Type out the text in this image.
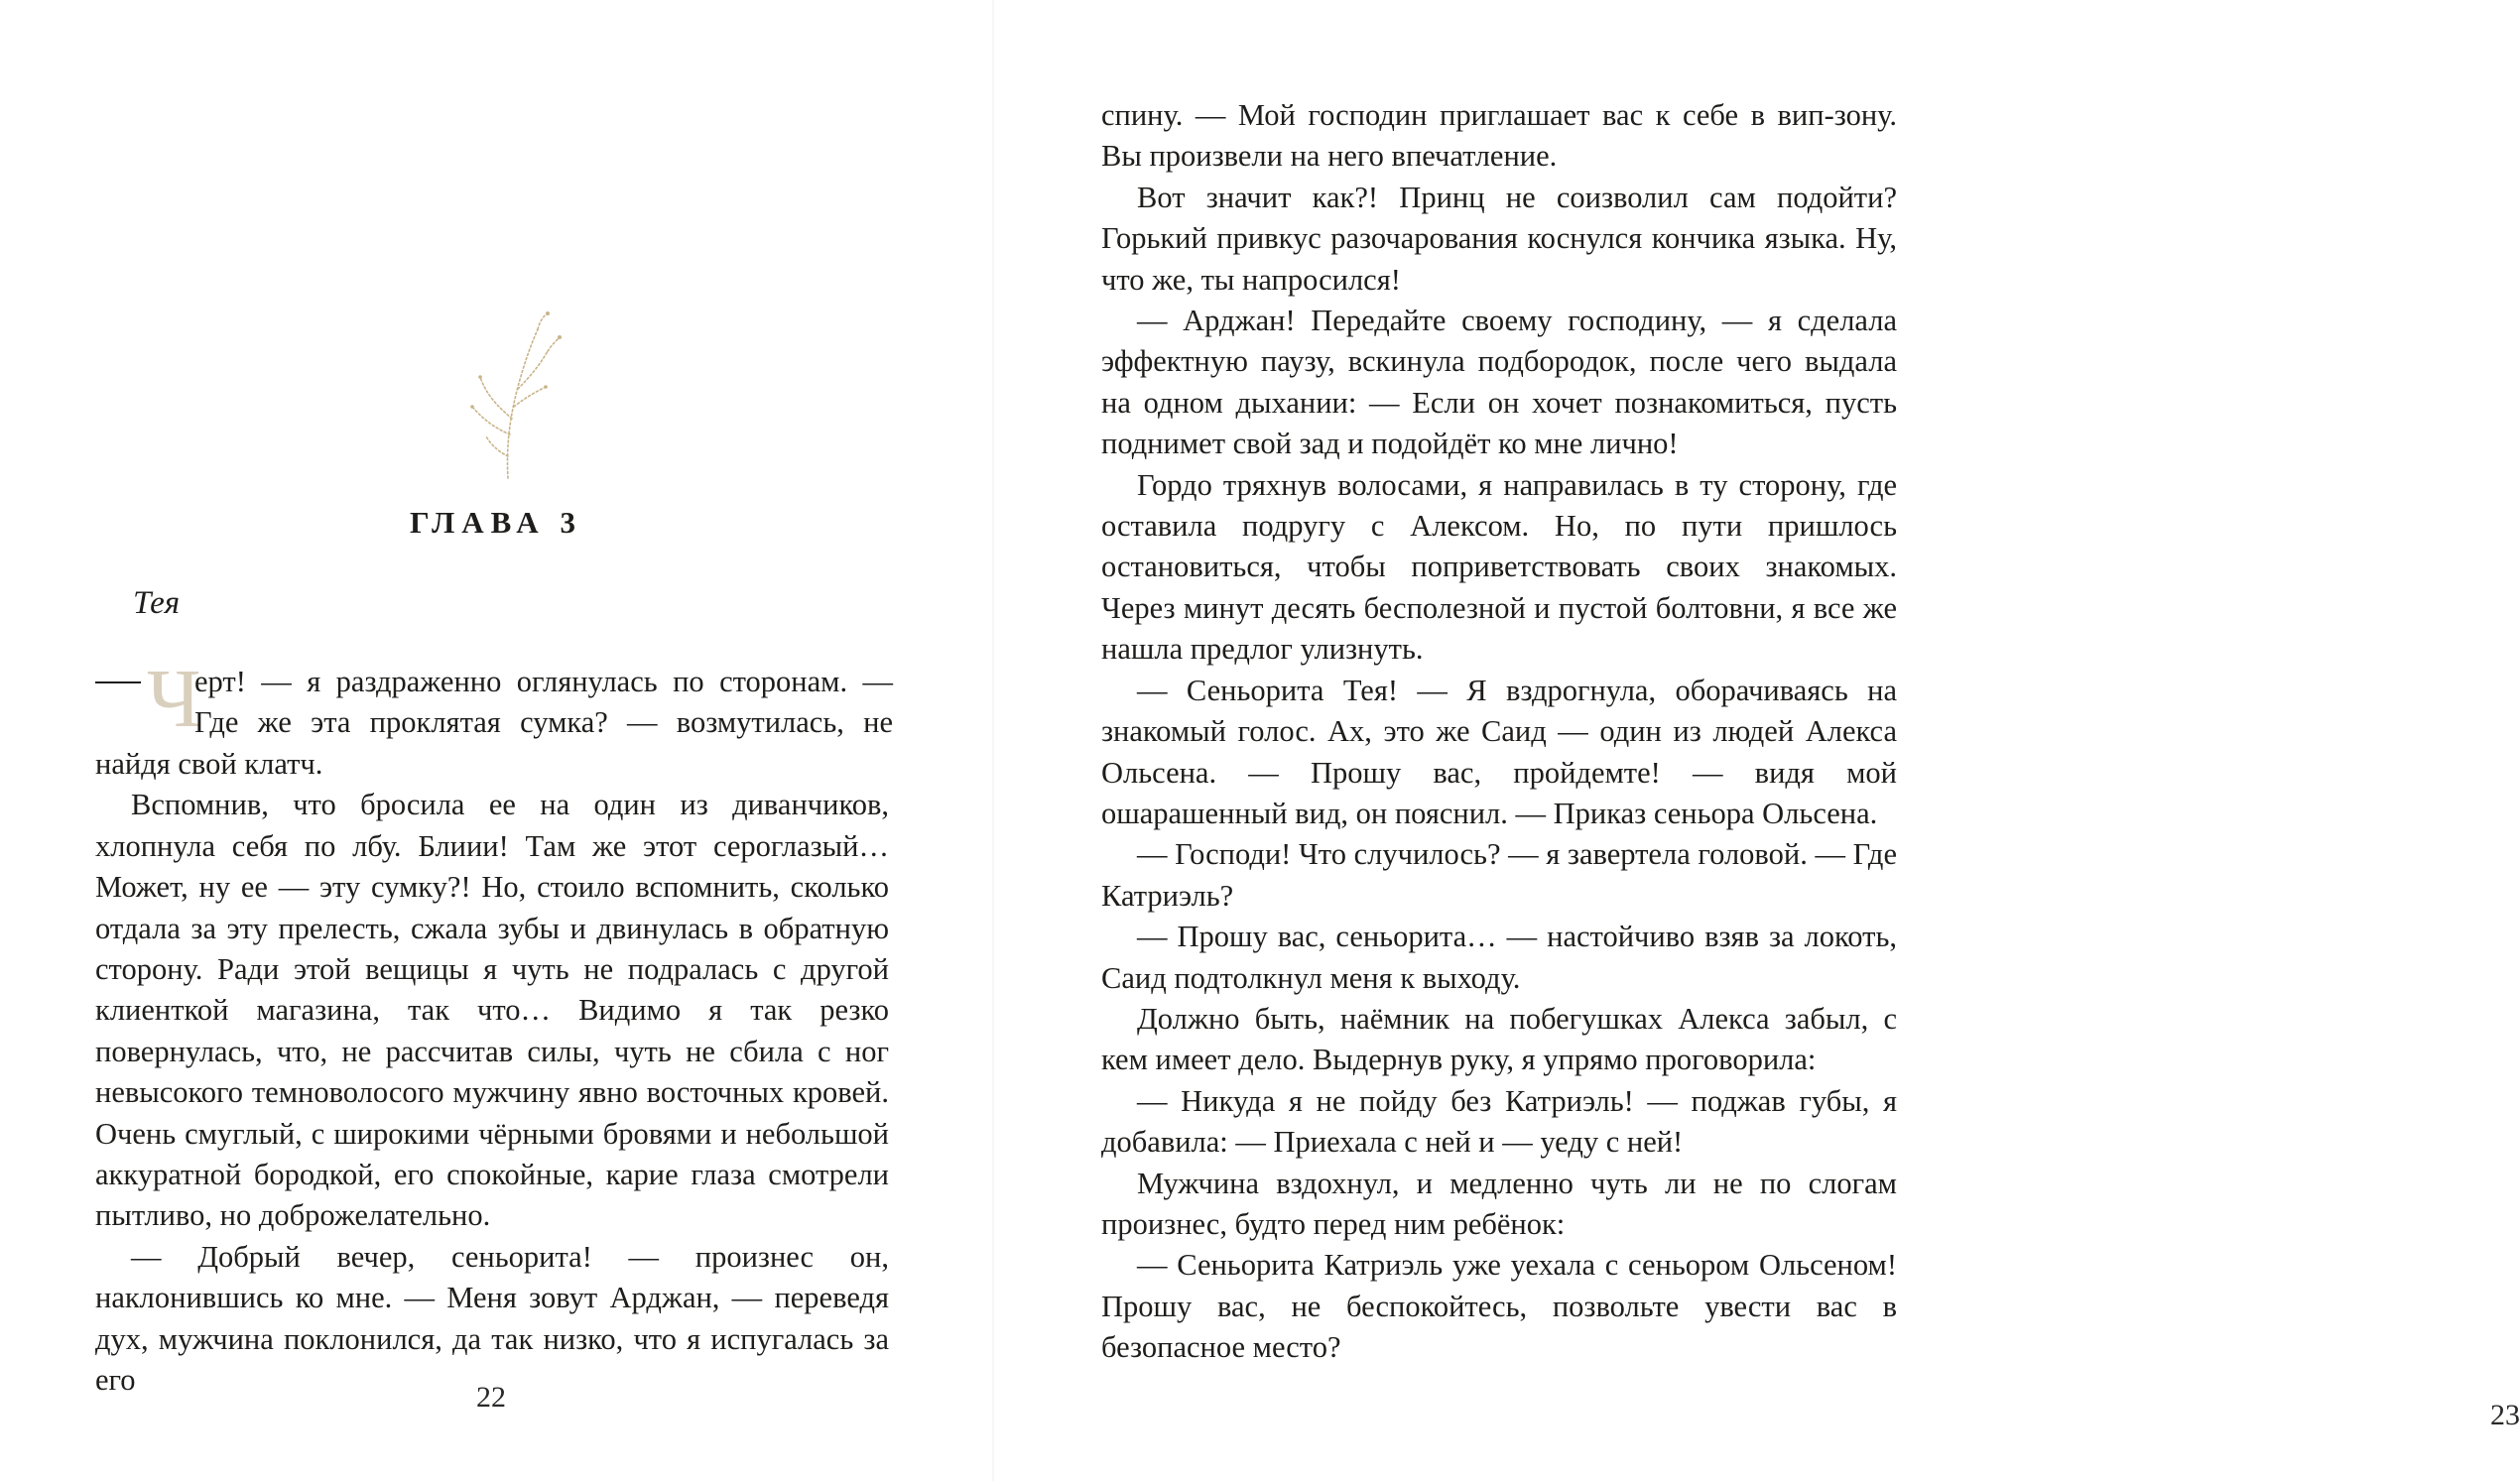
ГЛАВА 3
Тея
Ч
ерт! — я раздраженно оглянулась по сторонам. —
Где же эта проклятая сумка? — возмутилась, не

найдя свой клатч.

Вспомнив, что бросила ее на один из диванчиков, хлопнула себя по лбу. Блиии! Там же этот сероглазый… Может, ну ее — эту сумку?! Но, стоило вспомнить, сколько отдала за эту прелесть, сжала зубы и двинулась в обратную сторону. Ради этой вещицы я чуть не подралась с другой клиенткой магазина, так что… Видимо я так резко повернулась, что, не рассчитав силы, чуть не сбила с ног невысокого темноволосого мужчину явно восточных кровей. Очень смуглый, с широкими чёрными бровями и небольшой аккуратной бородкой, его спокойные, карие глаза смотрели пытливо, но доброжелательно.

— Добрый вечер, сеньорита! — произнес он, наклонившись ко мне. — Меня зовут Арджан, — переведя дух, мужчина поклонился, да так низко, что я испугалась за его

22

спину. — Мой господин приглашает вас к себе в вип-зону. Вы произвели на него впечатление.

Вот значит как?! Принц не соизволил сам подойти? Горький привкус разочарования коснулся кончика языка. Ну, что же, ты напросился!

— Арджан! Передайте своему господину, — я сделала эффектную паузу, вскинула подбородок, после чего выдала на одном дыхании: — Если он хочет познакомиться, пусть поднимет свой зад и подойдёт ко мне лично!

Гордо тряхнув волосами, я направилась в ту сторону, где оставила подругу с Алексом. Но, по пути пришлось остановиться, чтобы поприветствовать своих знакомых. Через минут десять бесполезной и пустой болтовни, я все же нашла предлог улизнуть.

— Сеньорита Тея! — Я вздрогнула, оборачиваясь на знакомый голос. Ах, это же Саид — один из людей Алекса Ольсена. — Прошу вас, пройдемте! — видя мой ошарашенный вид, он пояснил. — Приказ сеньора Ольсена.

— Господи! Что случилось? — я завертела головой. — Где Катриэль?

— Прошу вас, сеньорита… — настойчиво взяв за локоть, Саид подтолкнул меня к выходу.

Должно быть, наёмник на побегушках Алекса забыл, с кем имеет дело. Выдернув руку, я упрямо проговорила:

— Никуда я не пойду без Катриэль! — поджав губы, я добавила: — Приехала с ней и — уеду с ней!

Мужчина вздохнул, и медленно чуть ли не по слогам произнес, будто перед ним ребёнок:

— Сеньорита Катриэль уже уехала с сеньором Ольсеном! Прошу вас, не беспокойтесь, позвольте увести вас в безопасное место?

23
